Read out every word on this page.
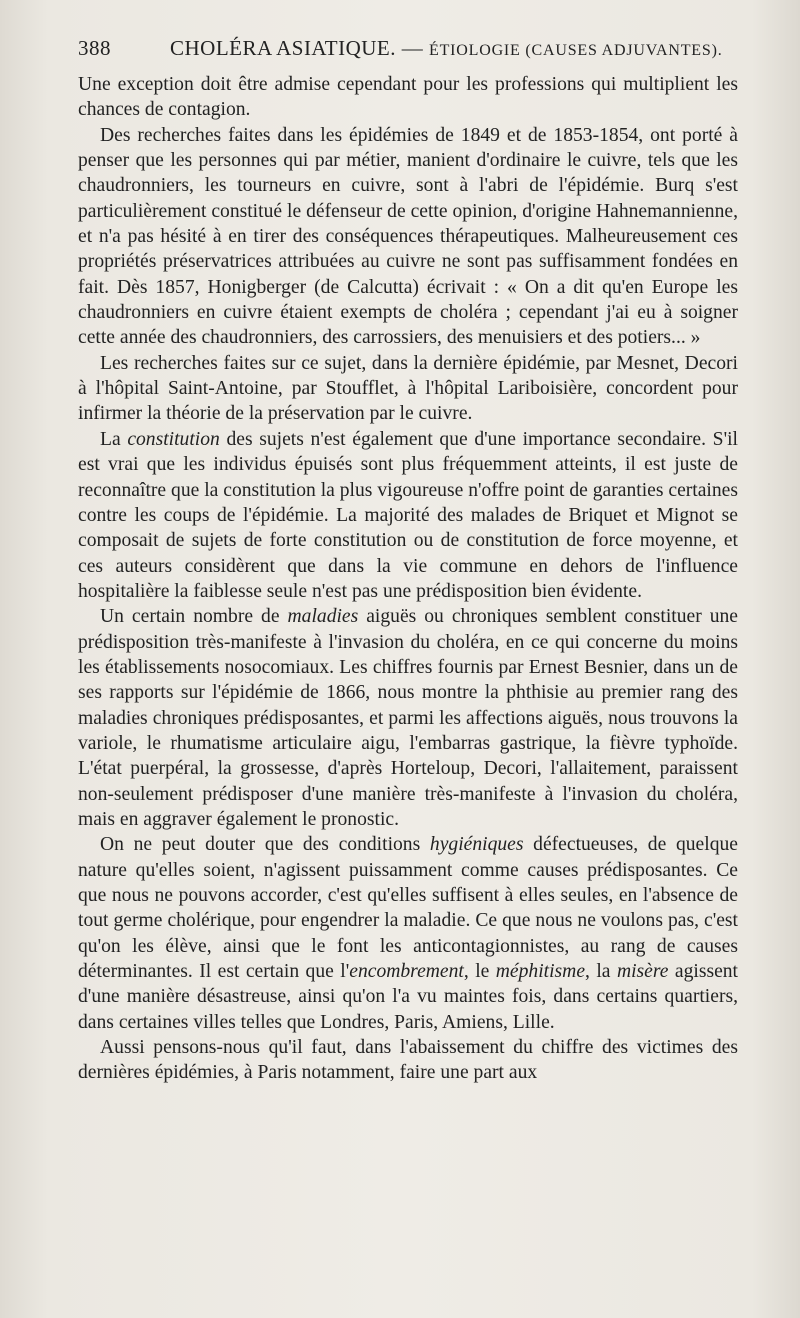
388	CHOLÉRA ASIATIQUE. — ÉTIOLOGIE (CAUSES ADJUVANTES).

Une exception doit être admise cependant pour les professions qui multiplient les chances de contagion.

Des recherches faites dans les épidémies de 1849 et de 1853-1854, ont porté à penser que les personnes qui par métier, manient d'ordinaire le cuivre, tels que les chaudronniers, les tourneurs en cuivre, sont à l'abri de l'épidémie. Burq s'est particulièrement constitué le défenseur de cette opinion, d'origine Hahnemannienne, et n'a pas hésité à en tirer des conséquences thérapeutiques. Malheureusement ces propriétés préservatrices attribuées au cuivre ne sont pas suffisamment fondées en fait. Dès 1857, Honigberger (de Calcutta) écrivait : « On a dit qu'en Europe les chaudronniers en cuivre étaient exempts de choléra ; cependant j'ai eu à soigner cette année des chaudronniers, des carrossiers, des menuisiers et des potiers... »

Les recherches faites sur ce sujet, dans la dernière épidémie, par Mesnet, Decori à l'hôpital Saint-Antoine, par Stoufflet, à l'hôpital Lariboisière, concordent pour infirmer la théorie de la préservation par le cuivre.

La constitution des sujets n'est également que d'une importance secondaire. S'il est vrai que les individus épuisés sont plus fréquemment atteints, il est juste de reconnaître que la constitution la plus vigoureuse n'offre point de garanties certaines contre les coups de l'épidémie. La majorité des malades de Briquet et Mignot se composait de sujets de forte constitution ou de constitution de force moyenne, et ces auteurs considèrent que dans la vie commune en dehors de l'influence hospitalière la faiblesse seule n'est pas une prédisposition bien évidente.

Un certain nombre de maladies aiguës ou chroniques semblent constituer une prédisposition très-manifeste à l'invasion du choléra, en ce qui concerne du moins les établissements nosocomiaux. Les chiffres fournis par Ernest Besnier, dans un de ses rapports sur l'épidémie de 1866, nous montre la phthisie au premier rang des maladies chroniques prédisposantes, et parmi les affections aiguës, nous trouvons la variole, le rhumatisme articulaire aigu, l'embarras gastrique, la fièvre typhoïde. L'état puerpéral, la grossesse, d'après Horteloup, Decori, l'allaitement, paraissent non-seulement prédisposer d'une manière très-manifeste à l'invasion du choléra, mais en aggraver également le pronostic.

On ne peut douter que des conditions hygiéniques défectueuses, de quelque nature qu'elles soient, n'agissent puissamment comme causes prédisposantes. Ce que nous ne pouvons accorder, c'est qu'elles suffisent à elles seules, en l'absence de tout germe cholérique, pour engendrer la maladie. Ce que nous ne voulons pas, c'est qu'on les élève, ainsi que le font les anticontagionnistes, au rang de causes déterminantes. Il est certain que l'encombrement, le méphitisme, la misère agissent d'une manière désastreuse, ainsi qu'on l'a vu maintes fois, dans certains quartiers, dans certaines villes telles que Londres, Paris, Amiens, Lille.

Aussi pensons-nous qu'il faut, dans l'abaissement du chiffre des victimes des dernières épidémies, à Paris notamment, faire une part aux
